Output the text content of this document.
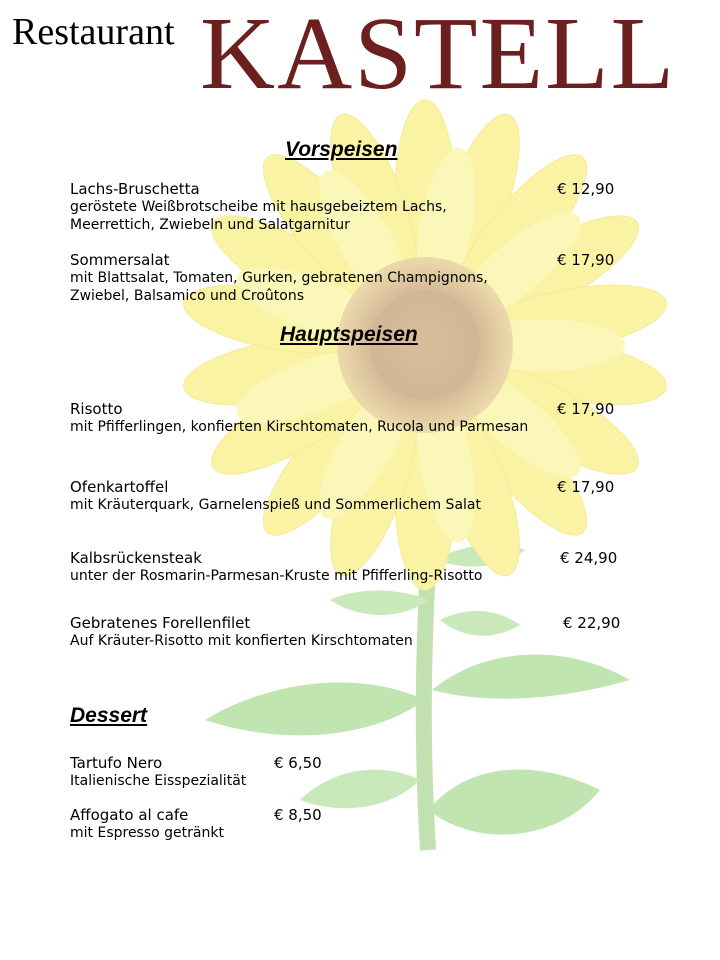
Restaurant KASTELL
Vorspeisen
Lachs-Bruschetta	€ 12,90
geröstete Weißbrotscheibe mit hausgebeiztem Lachs, Meerrettich, Zwiebeln und Salatgarnitur
Sommersalat	€ 17,90
mit Blattsalat, Tomaten, Gurken, gebratenen Champignons, Zwiebel, Balsamico und Croûtons
Hauptspeisen
Risotto	€ 17,90
mit Pfifferlingen, konfierten Kirschtomaten, Rucola und Parmesan
Ofenkartoffel	€ 17,90
mit Kräuterquark, Garnelenspieß und Sommerlichem Salat
Kalbsrückensteak	€ 24,90
unter der Rosmarin-Parmesan-Kruste mit Pfifferling-Risotto
Gebratenes Forellenfilet	€ 22,90
Auf Kräuter-Risotto mit konfierten Kirschtomaten
Dessert
Tartufo Nero	€ 6,50
Italienische Eisspezialität
Affogato al cafe	€ 8,50
mit Espresso getränkt
